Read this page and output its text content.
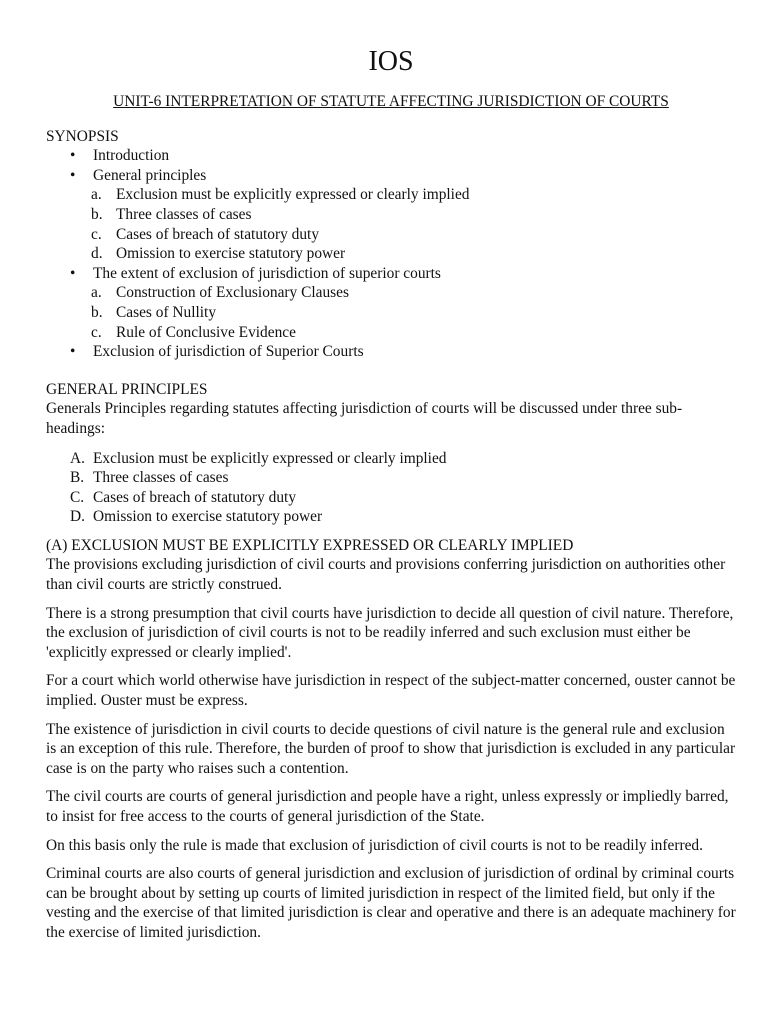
IOS
UNIT-6 INTERPRETATION OF STATUTE AFFECTING JURISDICTION OF COURTS
SYNOPSIS
• Introduction
• General principles
a. Exclusion must be explicitly expressed or clearly implied
b. Three classes of cases
c. Cases of breach of statutory duty
d. Omission to exercise statutory power
• The extent of exclusion of jurisdiction of superior courts
a. Construction of Exclusionary Clauses
b. Cases of Nullity
c. Rule of Conclusive Evidence
• Exclusion of jurisdiction of Superior Courts
GENERAL PRINCIPLES
Generals Principles regarding statutes affecting jurisdiction of courts will be discussed under three sub-headings:
A. Exclusion must be explicitly expressed or clearly implied
B. Three classes of cases
C. Cases of breach of statutory duty
D. Omission to exercise statutory power
(A) EXCLUSION MUST BE EXPLICITLY EXPRESSED OR CLEARLY IMPLIED
The provisions excluding jurisdiction of civil courts and provisions conferring jurisdiction on authorities other than civil courts are strictly construed.
There is a strong presumption that civil courts have jurisdiction to decide all question of civil nature. Therefore, the exclusion of jurisdiction of civil courts is not to be readily inferred and such exclusion must either be 'explicitly expressed or clearly implied'.
For a court which world otherwise have jurisdiction in respect of the subject-matter concerned, ouster cannot be implied. Ouster must be express.
The existence of jurisdiction in civil courts to decide questions of civil nature is the general rule and exclusion is an exception of this rule. Therefore, the burden of proof to show that jurisdiction is excluded in any particular case is on the party who raises such a contention.
The civil courts are courts of general jurisdiction and people have a right, unless expressly or impliedly barred, to insist for free access to the courts of general jurisdiction of the State.
On this basis only the rule is made that exclusion of jurisdiction of civil courts is not to be readily inferred.
Criminal courts are also courts of general jurisdiction and exclusion of jurisdiction of ordinal by criminal courts can be brought about by setting up courts of limited jurisdiction in respect of the limited field, but only if the vesting and the exercise of that limited jurisdiction is clear and operative and there is an adequate machinery for the exercise of limited jurisdiction.
